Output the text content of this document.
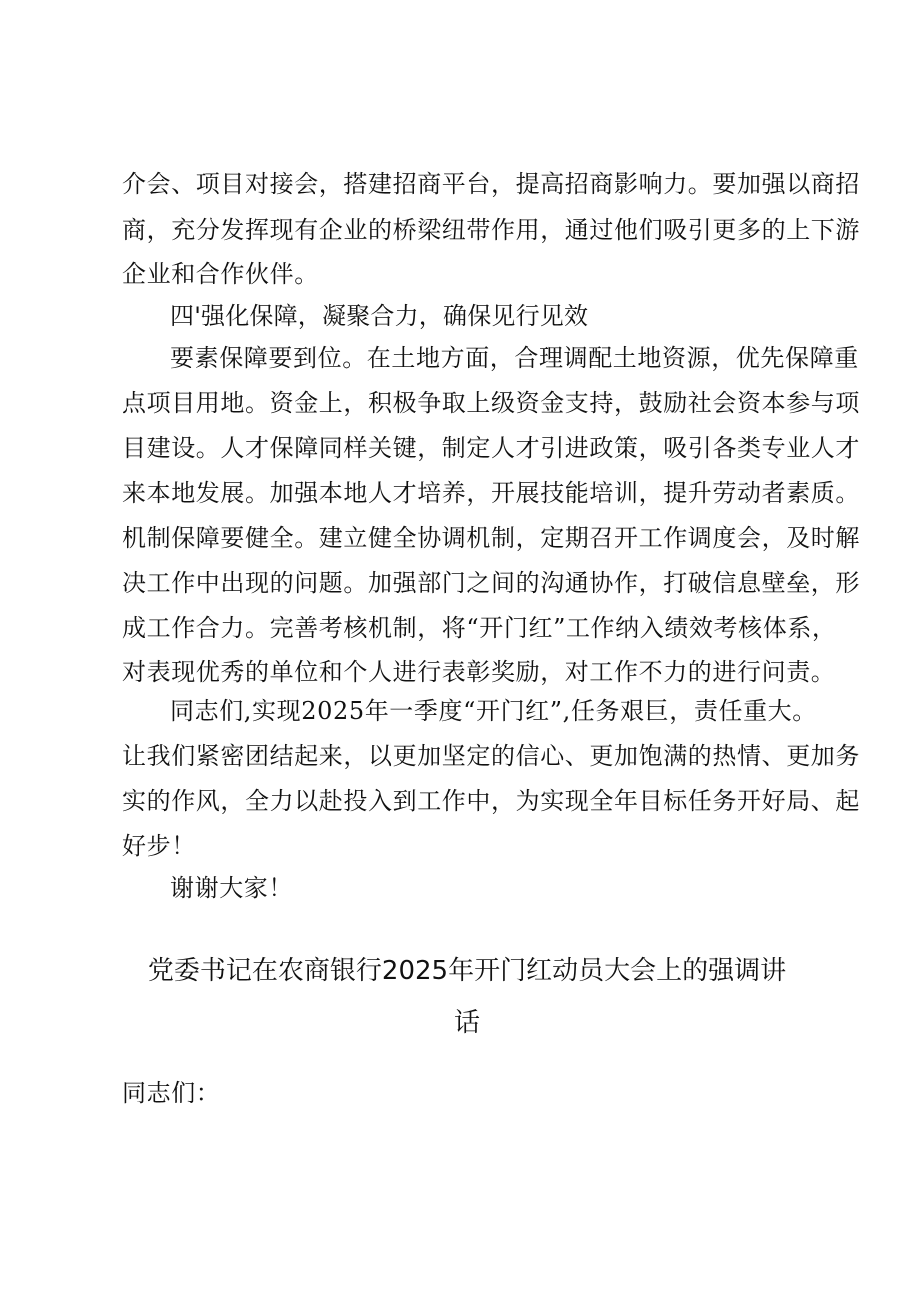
介会、项目对接会，搭建招商平台，提高招商影响力。要加强以商招
商，充分发挥现有企业的桥梁纽带作用，通过他们吸引更多的上下游
企业和合作伙伴。
四'强化保障，凝聚合力，确保见行见效
要素保障要到位。在土地方面，合理调配土地资源，优先保障重
点项目用地。资金上，积极争取上级资金支持，鼓励社会资本参与项
目建设。人才保障同样关键，制定人才引进政策，吸引各类专业人才
来本地发展。加强本地人才培养，开展技能培训，提升劳动者素质。
机制保障要健全。建立健全协调机制，定期召开工作调度会，及时解
决工作中出现的问题。加强部门之间的沟通协作，打破信息壁垒，形
成工作合力。完善考核机制，将“开门红”工作纳入绩效考核体系，
对表现优秀的单位和个人进行表彰奖励，对工作不力的进行问责。
同志们,实现2025年一季度“开门红”,任务艰巨，责任重大。
让我们紧密团结起来，以更加坚定的信心、更加饱满的热情、更加务
实的作风，全力以赴投入到工作中，为实现全年目标任务开好局、起
好步！
谢谢大家！
党委书记在农商银行2025年开门红动员大会上的强调讲
话
同志们：
